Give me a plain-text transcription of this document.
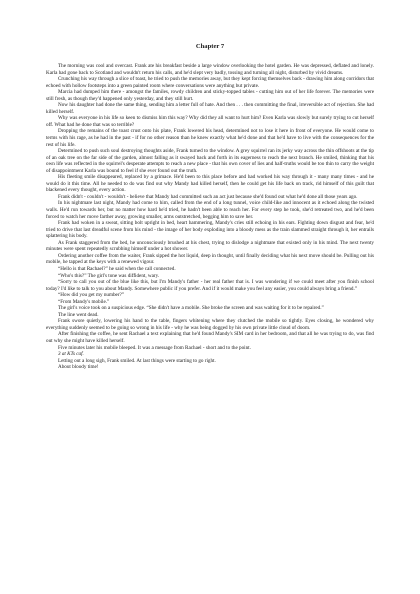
Chapter 7

The morning was cool and overcast. Frank ate his breakfast beside a large window overlooking the hotel garden. He was depressed, deflated and lonely. Karla had gone back to Scotland and wouldn't return his calls, and he'd slept very badly, tossing and turning all night, disturbed by vivid dreams.

Crunching his way through a slice of toast, he tried to push the memories away, but they kept forcing themselves back - drawing him along corridors that echoed with hollow footsteps into a green painted room where conversations were anything but private.

Marcia had dumped him there - amongst the familes, rowdy children and sticky-topped tables - cutting him out of her life forever. The memories were still fresh, as though they'd happened only yesterday, and they still hurt.

Now his daughter had done the same thing, sending him a letter full of hate. And then . . . then committing the final, irreversible act of rejection. She had killed herself.

Why was everyone in his life so keen to dismiss him this way? Why did they all want to hurt him? Even Karla was slowly but surely trying to cut herself off. What had he done that was so terrible?

Dropping the remains of the toast crust onto his plate, Frank lowered his head, determined not to lose it here in front of everyone. He would come to terms with his rage, as he had in the past - if for no other reason than he knew exactly what he'd done and that he'd have to live with the consequences for the rest of his life.

Determined to push such soul destroying thoughts aside, Frank turned to the window. A grey squirrel ran its jerky way across the thin offshoots at the tip of an oak tree on the far side of the garden, almost falling as it swayed back and forth in its eagerness to reach the next branch. He smiled, thinking that his own life was reflected in the squirrel's desperate attempts to reach a new place - that his own cover of lies and half-truths would be too thin to carry the weight of disappointment Karla was bound to feel if she ever found out the truth.

His fleeting smile disappeared, replaced by a grimace. He'd been to this place before and had worked his way through it - many many times - and he would do it this time. All he needed to do was find out why Mandy had killed herself, then he could get his life back on track, rid himself of this guilt that blackened every thought, every action.

Frank didn't - couldn't - wouldn't - believe that Mandy had committed such an act just because she'd found out what he'd done all those years ago.

In his nightmare last night, Mandy had come to him, called from the end of a long tunnel, voice child-like and innocent as it echoed along the twisted walls. He'd run towards her, but no matter how hard he'd tried, he hadn't been able to reach her. For every step he took, she'd retreated two, and he'd been forced to watch her move farther away, growing smaller, arms outstretched, begging him to save her.

Frank had woken in a sweat, sitting bolt upright in bed, heart hammering, Mandy's cries still echoing in his ears. Fighting down disgust and fear, he'd tried to drive that last dreadful scene from his mind - the image of her body exploding into a bloody mess as the train slammed straight through it, her entrails splattering his body.

As Frank staggered from the bed, he unconsciously brushed at his chest, trying to dislodge a nightmare that existed only in his mind. The next twenty minutes were spent repeatedly scrubbing himself under a hot shower.

Ordering another coffee from the waiter, Frank sipped the hot liquid, deep in thought, until finally deciding what his next move should be. Pulling out his mobile, he tapped at the keys with a renewed vigour.

“Hello is that Rachael?” he said when the call connected.

“Who's this?” The girl's tone was diffident, wary.

“Sorry to call you out of the blue like this, but I'm Mandy's father - her real father that is. I was wondering if we could meet after you finish school today? I'd like to talk to you about Mandy. Somewhere public if you prefer. And if it would make you feel any easier, you could always bring a friend.”

“How did you get my number?”

“From Mandy's mobile.”

The girl's voice took on a suspicious edge. “She didn't have a mobile. She broke the screen and was waiting for it to be repaired.”

The line went dead.

Frank swore quietly, lowering his hand to the table, fingers whitening where they clutched the mobile so tightly. Eyes closing, he wondered why everything suddenly seemed to be going so wrong in his life - why he was being dogged by his own private little cloud of doom.

After finishing the coffee, he sent Rachael a text explaining that he'd found Mandy's SIM card in her bedroom, and that all he was trying to do, was find out why she might have killed herself.

Five minutes later his mobile bleeped. It was a message from Rachael - short and to the point.

3 at KTs caf.

Letting out a long sigh, Frank smiled. At last things were starting to go right.

About bloody time!
